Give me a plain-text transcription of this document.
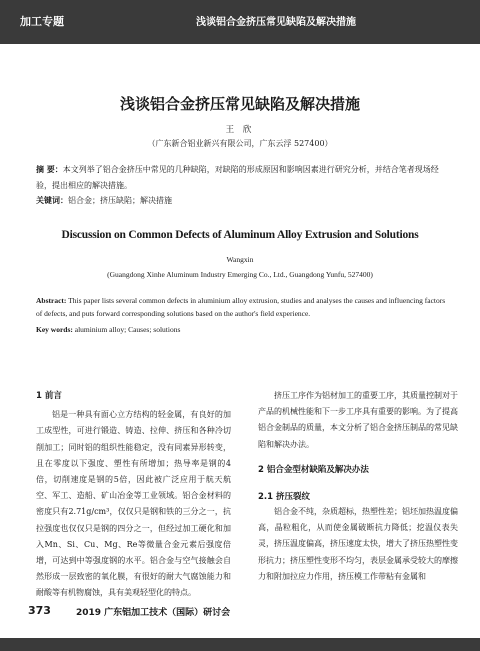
加工专题	浅谈铝合金挤压常见缺陷及解决措施
浅谈铝合金挤压常见缺陷及解决措施
王 欣
（广东新合铝业新兴有限公司，广东云浮 527400）
摘 要：本文列举了铝合金挤压中常见的几种缺陷，对缺陷的形成原因和影响因素进行研究分析，并结合笔者现场经验，提出相应的解决措施。
关键词：铝合金；挤压缺陷；解决措施
Discussion on Common Defects of Aluminum Alloy Extrusion and Solutions
Wangxin
(Guangdong Xinhe Aluminum Industry Emerging Co., Ltd., Guangdong Yunfu, 527400)
Abstract: This paper lists several common defects in aluminium alloy extrusion, studies and analyses the causes and influencing factors of defects, and puts forward corresponding solutions based on the author's field experience.
Key words: aluminium alloy; Causes; solutions
1 前言

铝是一种具有面心立方结构的轻金属，有良好的加工成型性，可进行锻造、铸造、拉伸、挤压和各种冷切削加工；同时铝的组织性能稳定，没有同素异形转变，且在零度以下强度、塑性有所增加；热导率是钢的4倍，切削速度是钢的5倍，因此被广泛应用于航天航空、军工、造船、矿山冶金等工业领域。铝合金材料的密度只有2.71g/cm³，仅仅只是钢和铁的三分之一，抗拉强度也仅仅只是钢的四分之一，但经过加工硬化和加入Mn、Si、Cu、Mg、Re等微量合金元素后强度倍增，可达到中等强度钢的水平。铝合金与空气接触会自然形成一层致密的氧化膜，有很好的耐大气腐蚀能力和耐酸等有机物腐蚀，具有美观轻型化的特点。

挤压工序作为铝材加工的重要工序，其质量控制对于产品的机械性能和下一步工序具有重要的影响。为了提高铝合金制品的质量，本文分析了铝合金挤压制品的常见缺陷和解决办法。

2 铝合金型材缺陷及解决办法
2.1 挤压裂纹

铝合金不纯，杂质超标，热塑性差；铝坯加热温度偏高，晶粒粗化，从而使金属破断抗力降低；挖温仪表失灵，挤压温度偏高，挤压速度太快，增大了挤压热塑性变形抗力；挤压塑性变形不均匀，表层金属承受较大的摩擦力和附加拉应力作用，挤压模工作带粘有金属和

373	2019 广东铝加工技术（国际）研讨会
